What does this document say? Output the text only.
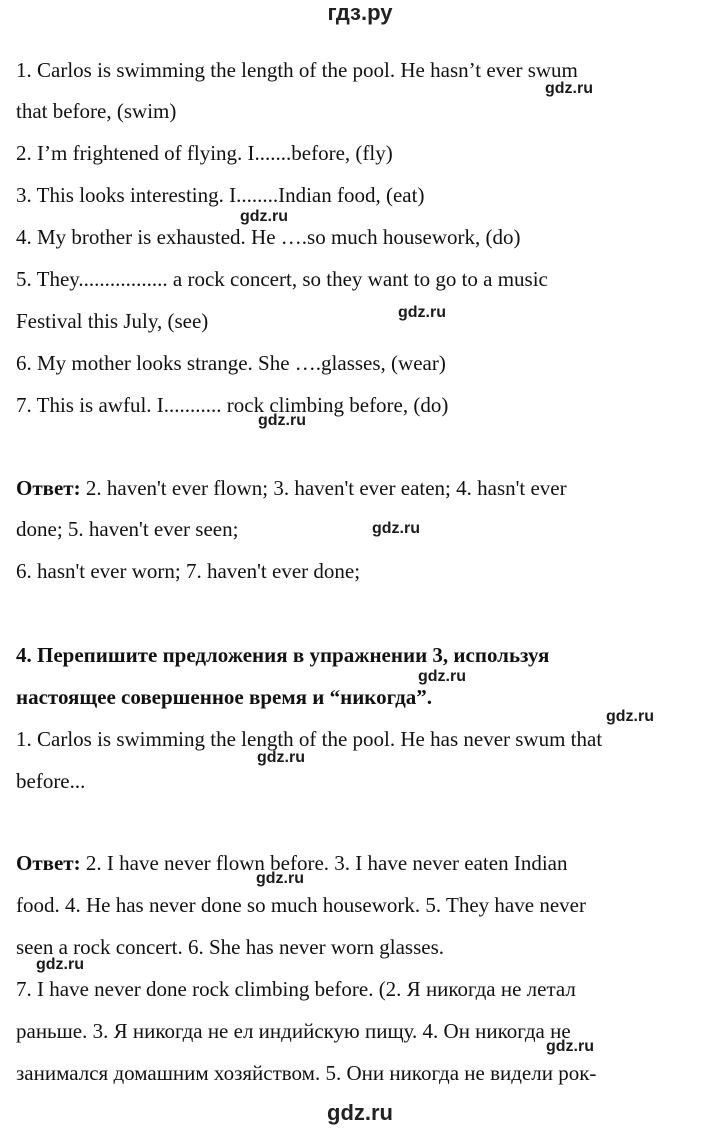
гдз.ру
1. Carlos is swimming the length of the pool. He hasn’t ever swum
that before, (swim)
2. I’m frightened of flying. I.......before, (fly)
3. This looks interesting. I........Indian food, (eat)
4. My brother is exhausted. He ….so much housework, (do)
5. They................. a rock concert, so they want to go to a music
Festival this July, (see)
6. My mother looks strange. She ….glasses, (wear)
7. This is awful. I........... rock climbing before, (do)
Ответ: 2. haven't ever flown; 3. haven't ever eaten; 4. hasn't ever
done; 5. haven't ever seen;
6. hasn't ever worn; 7. haven't ever done;
4. Перепишите предложения в упражнении 3, используя
настоящее совершенное время и “никогда”.
1. Carlos is swimming the length of the pool. He has never swum that
before...
Ответ: 2. I have never flown before. 3. I have never eaten Indian
food. 4. He has never done so much housework. 5. They have never
seen a rock concert. 6. She has never worn glasses.
7. I have never done rock climbing before. (2. Я никогда не летал
раньше. 3. Я никогда не ел индийскую пищу. 4. Он никогда не
занимался домашним хозяйством. 5. Они никогда не видели рок-
gdz.ru
gdz.ru
gdz.ru
gdz.ru
gdz.ru
gdz.ru
gdz.ru
gdz.ru
gdz.ru
gdz.ru
gdz.ru
gdz.ru
